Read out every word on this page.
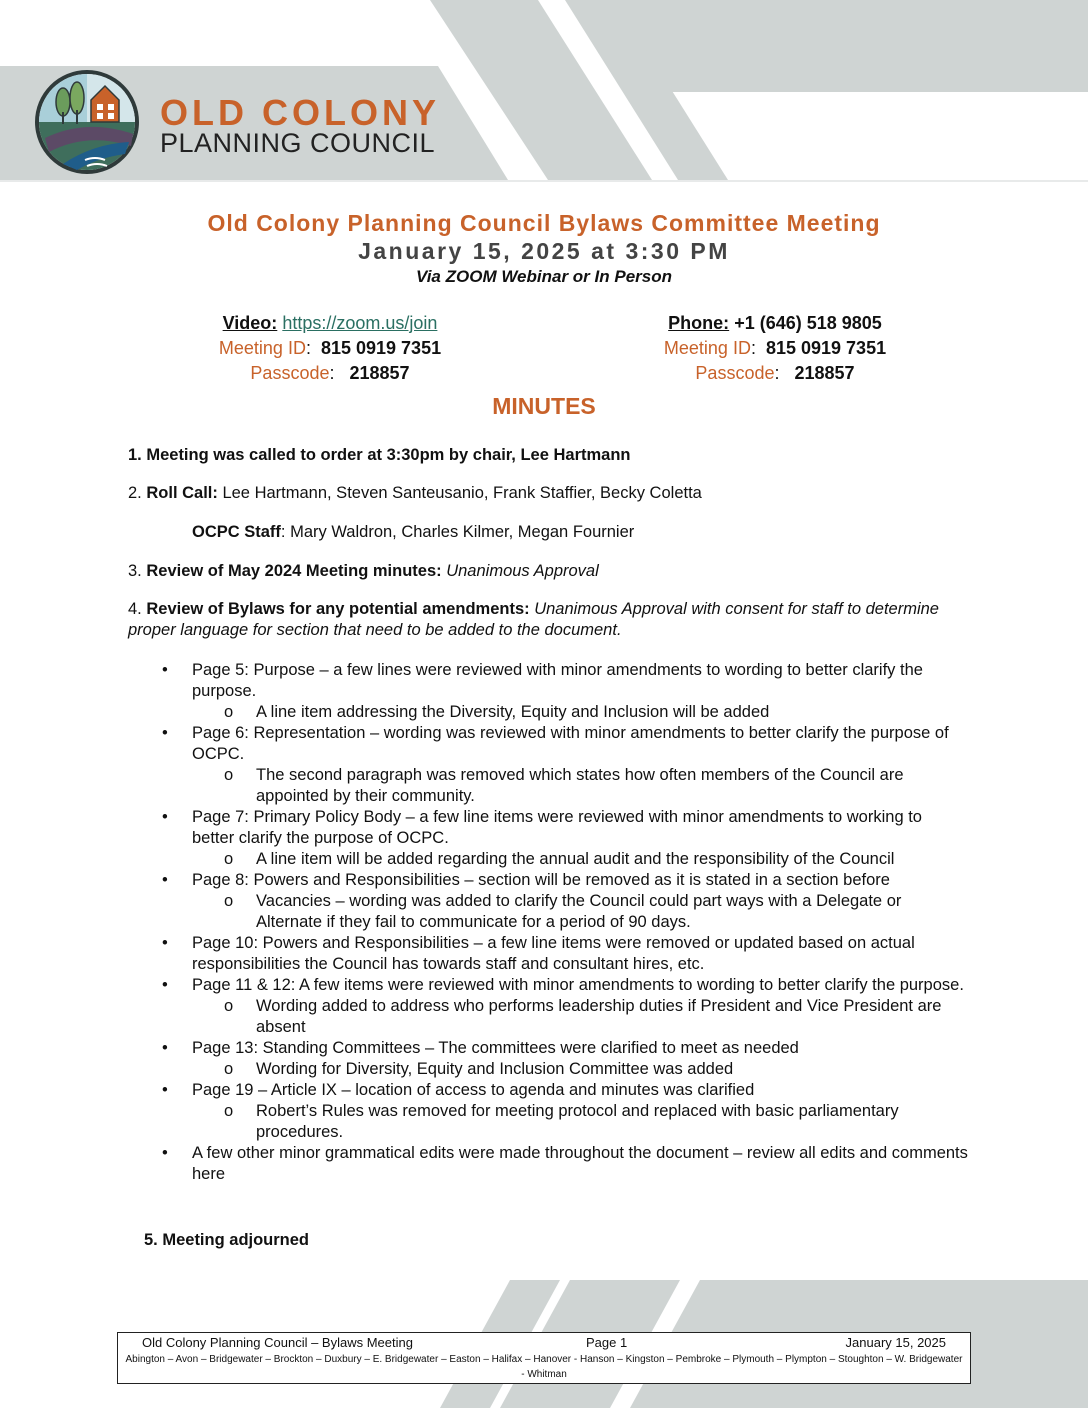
OLD COLONY
PLANNING COUNCIL
Old Colony Planning Council Bylaws Committee Meeting
January 15, 2025 at 3:30 PM
Via ZOOM Webinar or In Person
Video: https://zoom.us/join
Meeting ID:  815 0919 7351
Passcode:   218857
Phone: +1 (646) 518 9805
Meeting ID:  815 0919 7351
Passcode:   218857
MINUTES
1. Meeting was called to order at 3:30pm by chair, Lee Hartmann
2. Roll Call: Lee Hartmann, Steven Santeusanio, Frank Staffier, Becky Coletta
OCPC Staff: Mary Waldron, Charles Kilmer, Megan Fournier
3. Review of May 2024 Meeting minutes: Unanimous Approval
4. Review of Bylaws for any potential amendments: Unanimous Approval with consent for staff to determine proper language for section that need to be added to the document.
• Page 5: Purpose – a few lines were reviewed with minor amendments to wording to better clarify the purpose.
o A line item addressing the Diversity, Equity and Inclusion will be added
• Page 6: Representation – wording was reviewed with minor amendments to better clarify the purpose of OCPC.
o The second paragraph was removed which states how often members of the Council are appointed by their community.
• Page 7: Primary Policy Body – a few line items were reviewed with minor amendments to working to better clarify the purpose of OCPC.
o A line item will be added regarding the annual audit and the responsibility of the Council
• Page 8: Powers and Responsibilities – section will be removed as it is stated in a section before
o Vacancies – wording was added to clarify the Council could part ways with a Delegate or Alternate if they fail to communicate for a period of 90 days.
• Page 10: Powers and Responsibilities – a few line items were removed or updated based on actual responsibilities the Council has towards staff and consultant hires, etc.
• Page 11 & 12: A few items were reviewed with minor amendments to wording to better clarify the purpose.
o Wording added to address who performs leadership duties if President and Vice President are absent
• Page 13: Standing Committees – The committees were clarified to meet as needed
o Wording for Diversity, Equity and Inclusion Committee was added
• Page 19 – Article IX – location of access to agenda and minutes was clarified
o Robert’s Rules was removed for meeting protocol and replaced with basic parliamentary procedures.
• A few other minor grammatical edits were made throughout the document – review all edits and comments here
5. Meeting adjourned
Old Colony Planning Council – Bylaws Meeting	Page 1	January 15, 2025
Abington – Avon – Bridgewater – Brockton – Duxbury – E. Bridgewater – Easton – Halifax – Hanover - Hanson – Kingston – Pembroke – Plymouth – Plympton – Stoughton – W. Bridgewater - Whitman
